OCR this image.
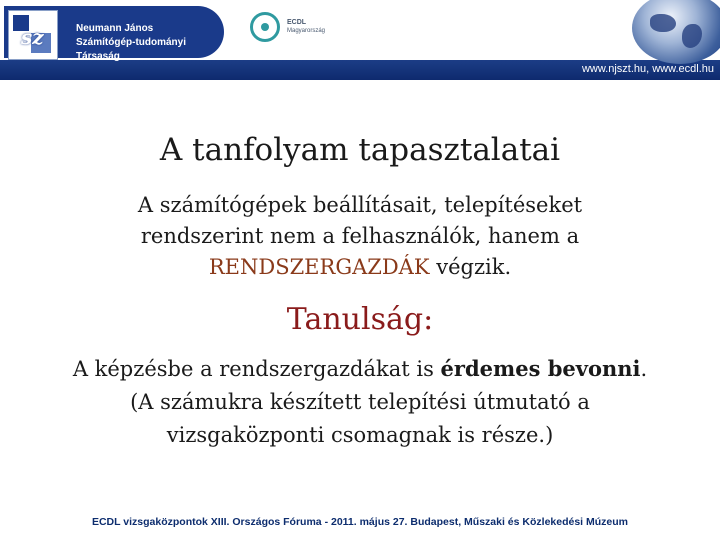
Neumann János
Számítógép-tudományi
Társaság
sz
ECDL
Magyarország
www.njszt.hu, www.ecdl.hu
A tanfolyam tapasztalatai
A számítógépek beállításait, telepítéseket
rendszerint nem a felhasználók, hanem a
RENDSZERGAZDÁK végzik.
Tanulság:
A képzésbe a rendszergazdákat is érdemes bevonni.
(A számukra készített telepítési útmutató a
vizsgaközponti csomagnak is része.)
ECDL vizsgaközpontok XIII. Országos Fóruma - 2011. május 27. Budapest, Műszaki és Közlekedési Múzeum
